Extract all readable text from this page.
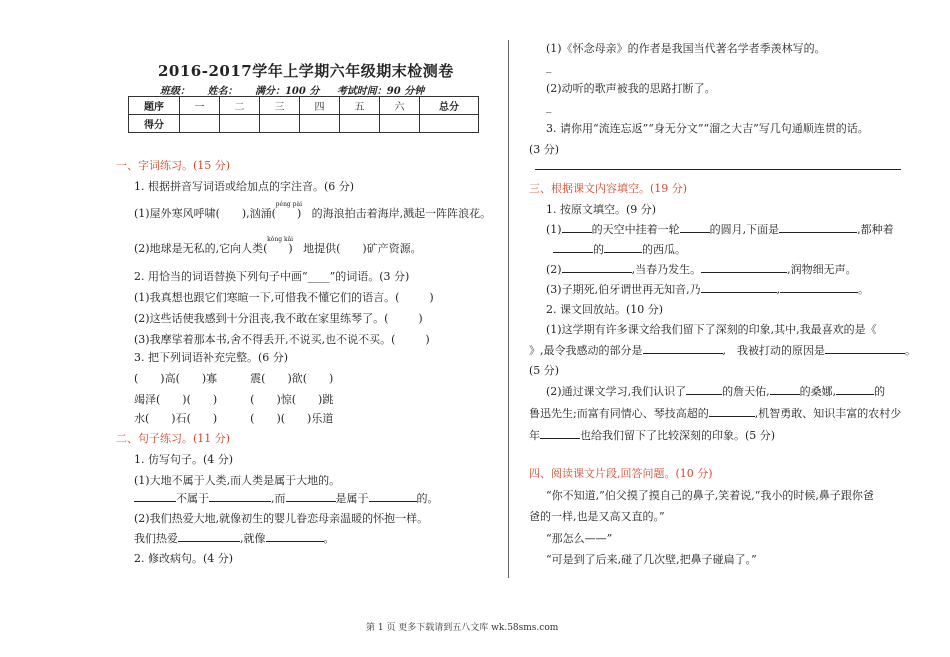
2016-2017学年上学期六年级期末检测卷
班级： 姓名： 满分：100 分 考试时间：90 分钟
题序	一	二	三	四	五	六	总分
得分							
一、字词练习。(15 分)
1. 根据拼音写词语或给加点的字注音。(6 分)
(1)屋外寒风呼啸( ),汹涌
péng pài
(      ) 的海浪拍击着海岸,溅起一阵阵浪花。
(2)地球是无私的,它向人类
kǒng kǎi
(      ) 地提供( )矿产资源。
2. 用恰当的词语替换下列句子中画“____”的词语。(3 分)
(1)我真想也跟它们寒暄一下,可惜我不懂它们的语言。(	)
(2)这些话使我感到十分沮丧,我不敢在家里练琴了。(	)
(3)我摩挲着那本书,舍不得丢开,不说买,也不说不买。(	)
3. 把下列词语补充完整。(6 分)
(　　)高(　　)寡　　　震(　　)欲(　　)
竭泽(　　)(　　)　　　(　　)惊(　　)跳
水(　　)石(　　)　　　(　　)(　　)乐道
二、句子练习。(11 分)
1. 仿写句子。(4 分)
(1)大地不属于人类,而人类是属于大地的。
不属于	,而	是属于	的。
(2)我们热爱大地,就像初生的婴儿眷恋母亲温暖的怀抱一样。
我们热爱	,就像	。
2. 修改病句。(4 分)
(1)《怀念母亲》的作者是我国当代著名学者季羡林写的。
_
(2)动听的歌声被我的思路打断了。
_
3. 请你用“流连忘返”“身无分文”“溜之大吉”写几句通顺连贯的话。
(3 分)
三、根据课文内容填空。(19 分)
1. 按原文填空。(9 分)
(1)	的天空中挂着一轮	的圆月,下面是	,都种着
的	的西瓜。
(2)	,当春乃发生。	,润物细无声。
(3)子期死,伯牙谓世再无知音,乃	,	。
2. 课文回放站。(10 分)
(1)这学期有许多课文给我们留下了深刻的印象,其中,我最喜欢的是《
》,最令我感动的部分是	,　我被打动的原因是	。
(5 分)
(2)通过课文学习,我们认识了	的詹天佑,	的桑娜,	的
鲁迅先生;而富有同情心、琴技高超的	,机智勇敢、知识丰富的农村少
年	也给我们留下了比较深刻的印象。(5 分)
四、阅读课文片段,回答问题。(10 分)
“你不知道,”伯父摸了摸自己的鼻子,笑着说,“我小的时候,鼻子跟你爸
爸的一样,也是又高又直的。”
“那怎么——”
“可是到了后来,碰了几次壁,把鼻子碰扁了。”
第 1 页 更多下载请到五八文库 wk.58sms.com
